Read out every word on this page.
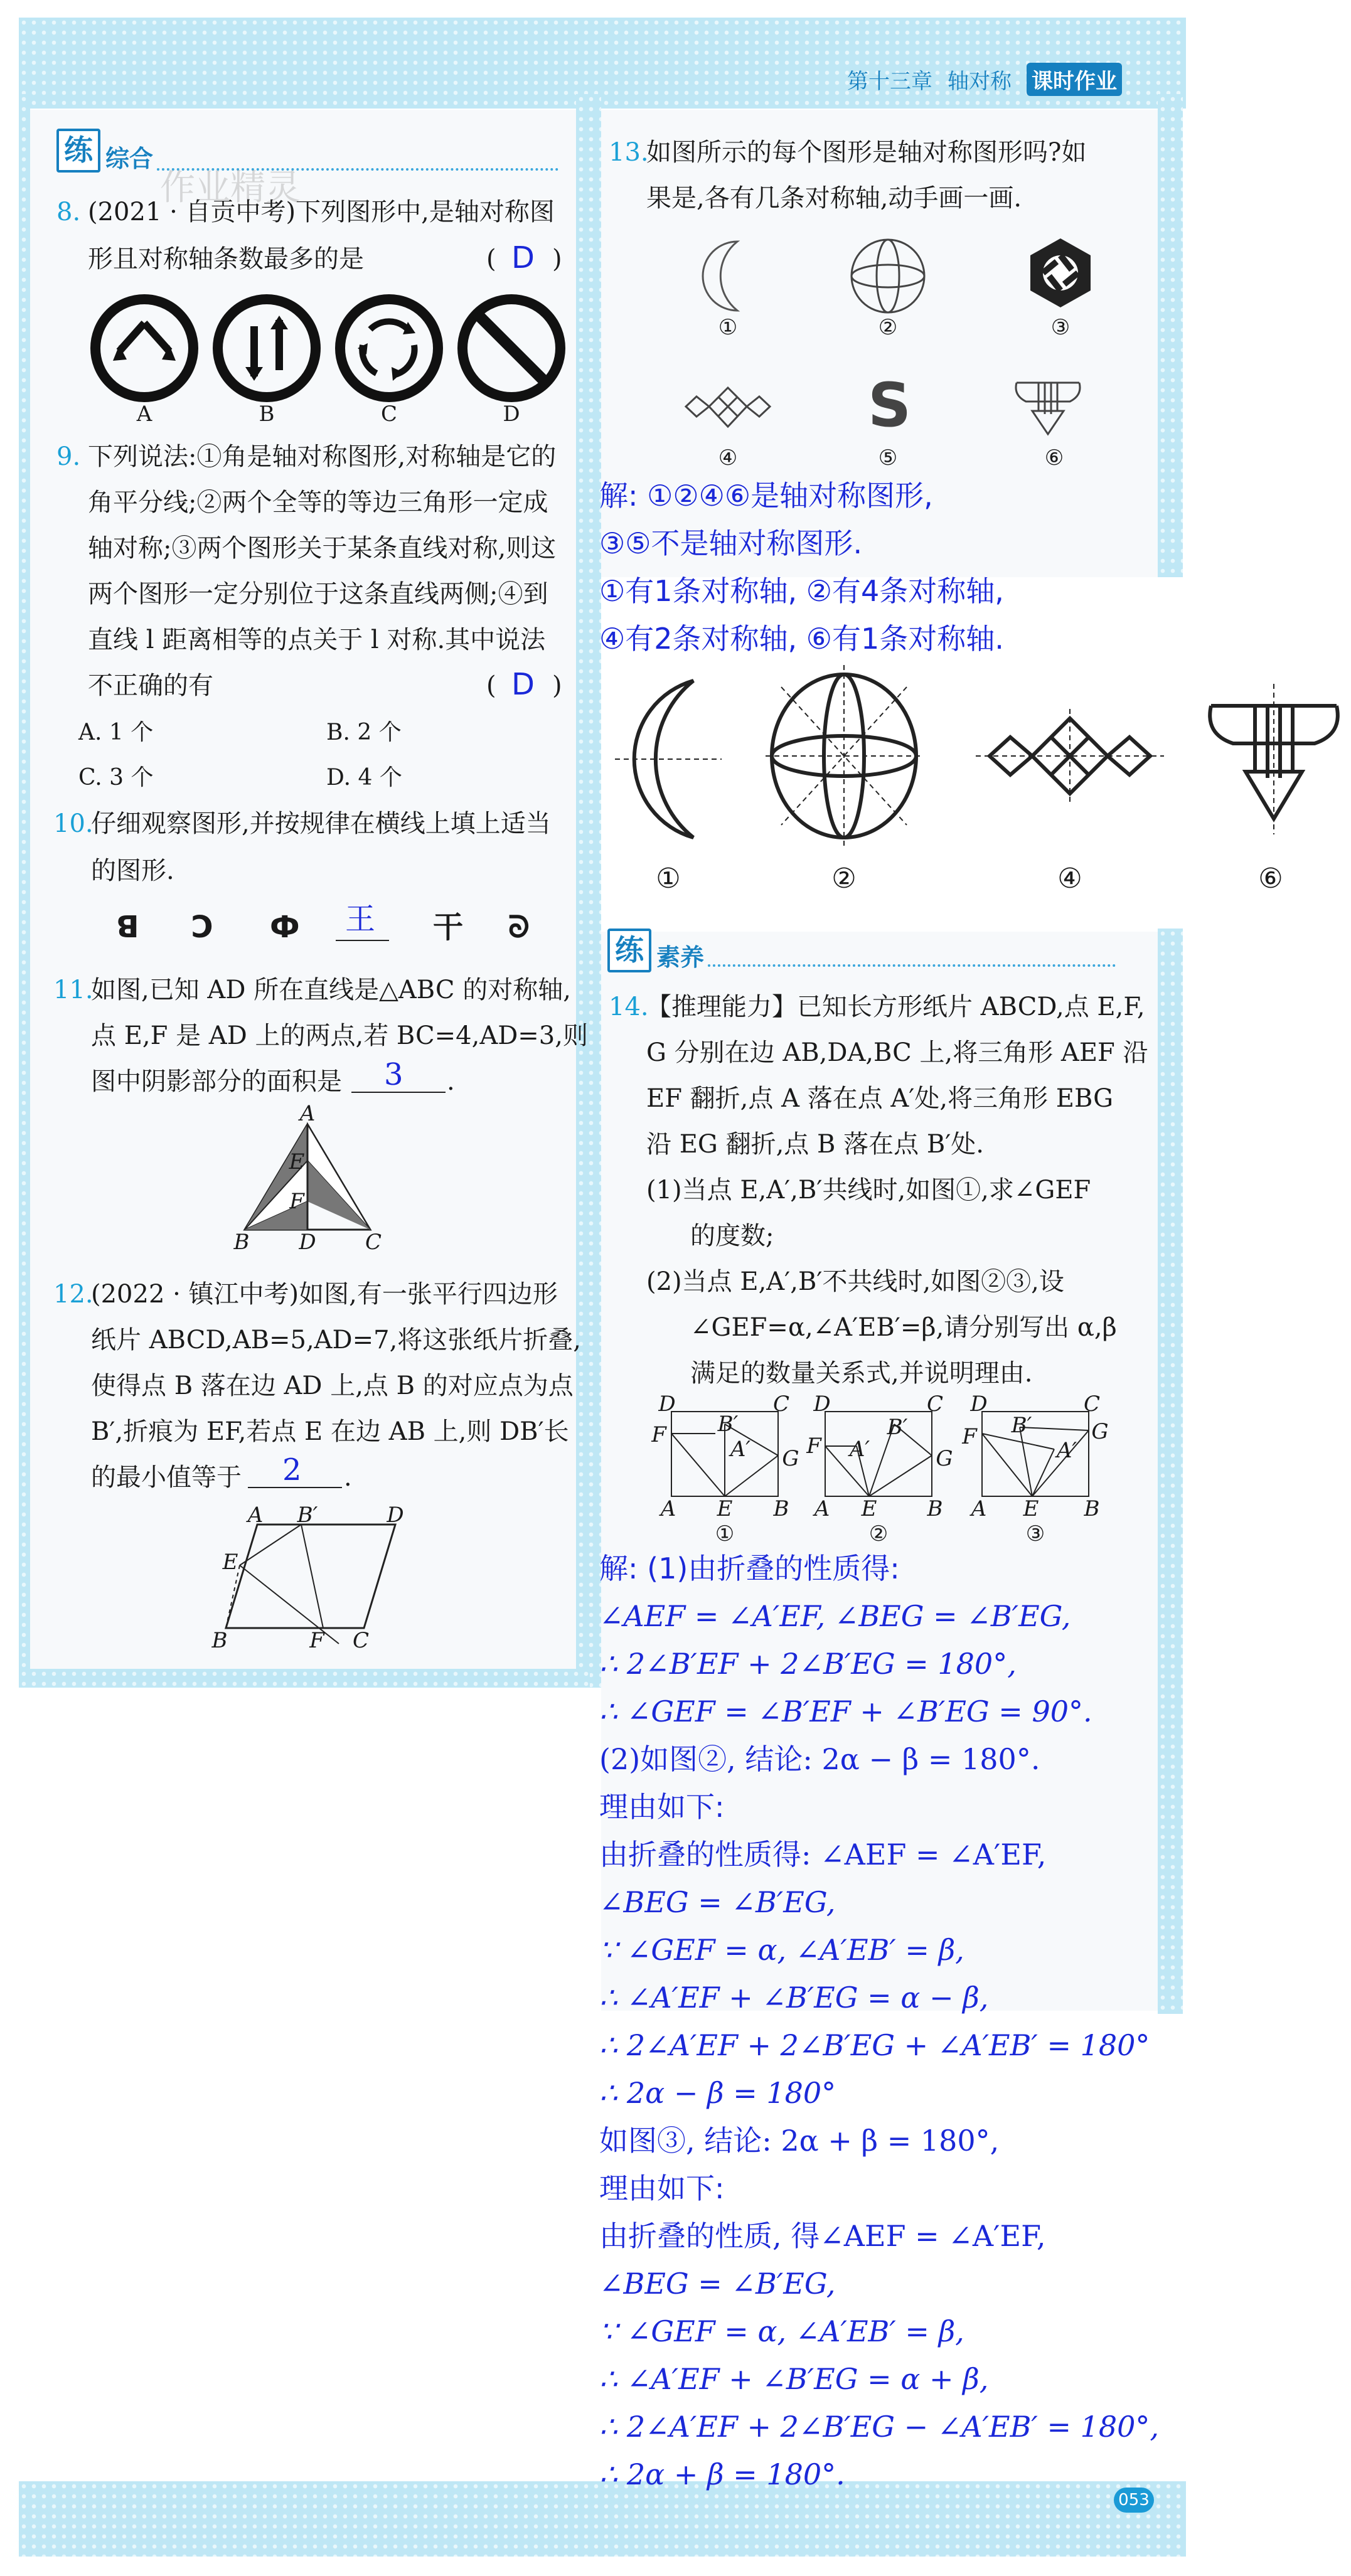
第十三章 轴对称 课时作业
练 综合
作业精灵
8. (2021 · 自贡中考)下列图形中,是轴对称图
形且对称轴条数最多的是	( D )
A	B	C	D
9. 下列说法:①角是轴对称图形,对称轴是它的
角平分线;②两个全等的等边三角形一定成
轴对称;③两个图形关于某条直线对称,则这
两个图形一定分别位于这条直线两侧;④到
直线 l 距离相等的点关于 l 对称.其中说法
不正确的有	( D )
A. 1 个	B. 2 个
C. 3 个	D. 4 个
10.
仔细观察图形,并按规律在横线上填上适当
的图形.
ꓭ ꓛ Ф 王 干 ᘐ
11.
如图,已知 AD 所在直线是△ABC 的对称轴,
点 E,F 是 AD 上的两点,若 BC=4,AD=3,则
图中阴影部分的面积是 3 .
A
B D C
E
F
12.
(2022 · 镇江中考)如图,有一张平行四边形
纸片 ABCD,AB=5,AD=7,将这张纸片折叠,
使得点 B 落在边 AD 上,点 B 的对应点为点
B′,折痕为 EF,若点 E 在边 AB 上,则 DB′长
的最小值等于 2 .
A B′	D
E
B	F C
13.
如图所示的每个图形是轴对称图形吗?如
果是,各有几条对称轴,动手画一画.
S
①	②	③
④	⑤	⑥
解: ①②④⑥是轴对称图形,
③⑤不是轴对称图形.
①有1条对称轴, ②有4条对称轴,
④有2条对称轴, ⑥有1条对称轴.
①	②	④	⑥
练 素养
14.
【推理能力】已知长方形纸片 ABCD,点 E,F,
G 分别在边 AB,DA,BC 上,将三角形 AEF 沿
EF 翻折,点 A 落在点 A′处,将三角形 EBG
沿 EG 翻折,点 B 落在点 B′处.
(1)当点 E,A′,B′共线时,如图①,求∠GEF
的度数;
(2)当点 E,A′,B′不共线时,如图②③,设
∠GEF=α,∠A′EB′=β,请分别写出 α,β
满足的数量关系式,并说明理由.
D	C
F B′
A′ G
A E B
D	C
F
B′
A′	G
A E B
D	C
F B′
A′
G
A E B
①	②	③
解: (1)由折叠的性质得:
∠AEF = ∠A′EF, ∠BEG = ∠B′EG,
∴ 2∠B′EF + 2∠B′EG = 180°,
∴ ∠GEF = ∠B′EF + ∠B′EG = 90°.
(2)如图②, 结论: 2α − β = 180°.
理由如下:
由折叠的性质得: ∠AEF = ∠A′EF,
∠BEG = ∠B′EG,
∵ ∠GEF = α, ∠A′EB′ = β,
∴ ∠A′EF + ∠B′EG = α − β,
∴ 2∠A′EF + 2∠B′EG + ∠A′EB′ = 180°
∴ 2α − β = 180°
如图③, 结论: 2α + β = 180°,
理由如下:
由折叠的性质, 得∠AEF = ∠A′EF,
∠BEG = ∠B′EG,
∵ ∠GEF = α, ∠A′EB′ = β,
∴ ∠A′EF + ∠B′EG = α + β,
∴ 2∠A′EF + 2∠B′EG − ∠A′EB′ = 180°,
∴ 2α + β = 180°.
053
